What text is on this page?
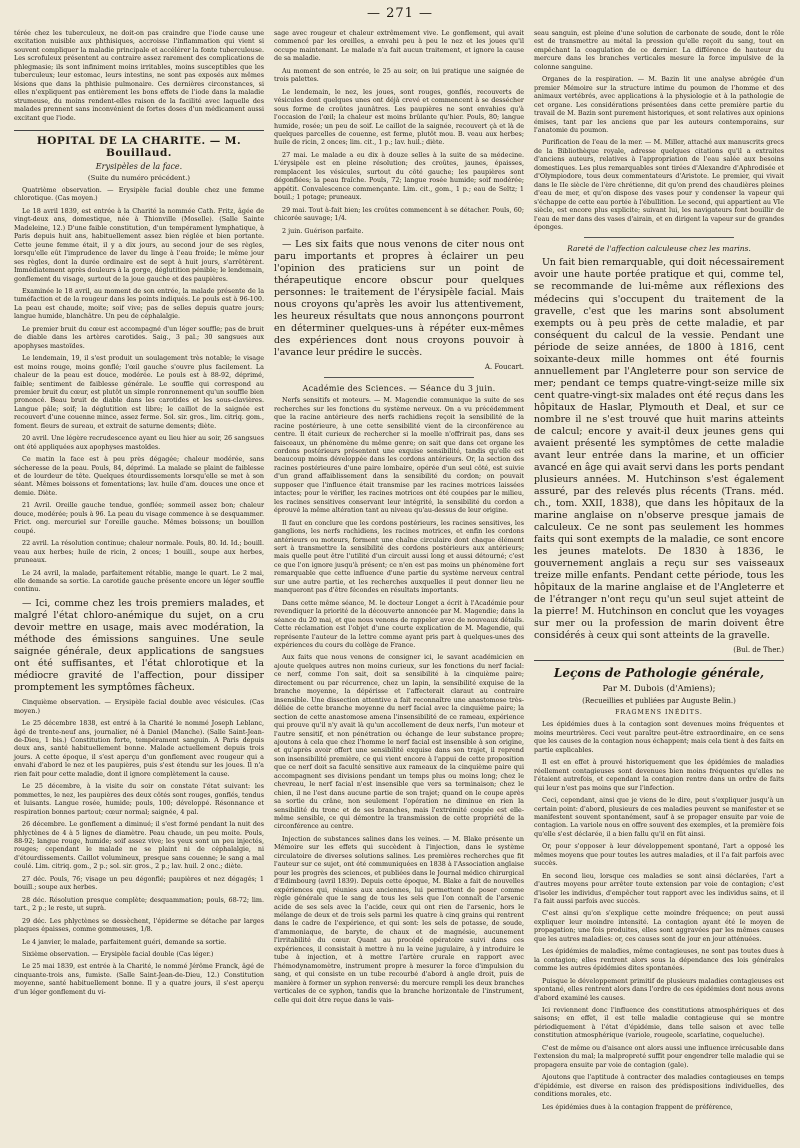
— 271 —

térée chez les tuberculeux, ne doit-on pas craindre que l'iode cause une excitation nuisible aux phthisiques, accroisse l'inflammation qui vient si souvent compliquer la maladie principale et accélérer la fonte tuberculeuse. Les scrofuleux présentent au contraire assez rarement des complications de phlegmasie; ils sont infiniment moins irritables, moins susceptibles que les tuberculeux; leur estomac, leurs intestins, ne sont pas exposés aux mêmes lésions que dans la phthisie pulmonaire. Ces dernières circonstances, si elles n'expliquent pas entièrement les bons effets de l'iode dans la maladie strumeuse, du moins rendent-elles raison de la facilité avec laquelle des malades prennent sans inconvénient de fortes doses d'un médicament aussi excitant que l'iode.

HOPITAL DE LA CHARITE. — M. Bouillaud.
Erysipèles de la face.
(Suite du numéro précédent.)

Quatrième observation. — Erysipèle facial double chez une femme chlorotique. (Cas moyen.)

Le 18 avril 1839, est entrée à la Charité la nommée Cath. Fritz, âgée de vingt-deux ans, domestique, née à Thionville (Moselle). (Salle Sainte Madeleine, 12.) D'une faible constitution, d'un tempérament lymphatique, à Paris depuis huit ans, habituellement assez bien réglée et bien portante. Cette jeune femme était, il y a dix jours, au second jour de ses règles, lorsqu'elle eût l'imprudence de laver du linge à l'eau froide; le même jour ses règles, dont la durée ordinaire est de sept à huit jours, s'arrêtèrent. Immédiatement après douleurs à la gorge, déglutition pénible; le lendemain, gonflement du visage, surtout de la joue gauche et des paupières.

Examinée le 18 avril, au moment de son entrée, la malade présente de la tuméfaction et de la rougeur dans les points indiqués. Le pouls est à 96-100. La peau est chaude, moite; soif vive; pas de selles depuis quatre jours; langue humide, blanchâtre. Un peu de céphalalgie.

Le premier bruit du cœur est accompagné d'un léger souffle; pas de bruit de diable dans les artères carotides. Saig., 3 pal.; 30 sangsues aux apophyses mastoïdes.

Le lendemain, 19, il s'est produit un soulagement très notable; le visage est moins rouge, moins gonflé; l'œil gauche s'ouvre plus facilement. La chaleur de la peau est douce, modérée. Le pouls est à 88-92, déprimé, faible; sentiment de faiblesse générale. Le souffle qui correspond au premier bruit du cœur, est plutôt un simple ronronnement qu'un souffle bien prononcé. Beau bruit de diable dans les carotides et les sous-clavières. Langue pâle; soif; la déglutition est libre; le caillot de la saignée est recouvert d'une couenne mince, assez ferme. Sol. sir. gros., lim. citriq. gom., foment. fleurs de sureau, et extrait de saturne dements; diète.

20 avril. Une légère recrudescence ayant eu lieu hier au soir, 26 sangsues ont été appliquées aux apophyses mastoïdes.

Ce matin la face est à peu près dégagée; chaleur modérée, sans sécheresse de la peau. Pouls, 84, déprimé. La malade se plaint de faiblesse et de lourdeur de tête. Quelques étourdissements lorsqu'elle se met à son séant. Mêmes boissons et fomentations; lav. huile d'am. douces une once et demie. Diète.

21 Avril. Oreille gauche tendue, gonflée; sommeil assez bon; chaleur douce, modérée; pouls à 96. La peau du visage commence à se desquammer. Frict. ong. mercuriel sur l'oreille gauche. Mêmes boissons; un bouillon coupé.

22 avril. La résolution continue; chaleur normale. Pouls, 80. Id. Id.; bouill. veau aux herbes; huile de ricin, 2 onces; 1 bouill., soupe aux herbes, pruneaux.

Le 24 avril, la malade, parfaitement rétablie, mange le quart. Le 2 mai, elle demande sa sortie. La carotide gauche présente encore un léger souffle continu.

— Ici, comme chez les trois premiers malades, et malgré l'état chloro-anémique du sujet, on a cru devoir mettre en usage, mais avec modération, la méthode des émissions sanguines. Une seule saignée générale, deux applications de sangsues ont été suffisantes, et l'état chlorotique et la médiocre gravité de l'affection, pour dissiper promptement les symptômes fâcheux.

Cinquième observation. — Erysipèle facial double avec vésicules. (Cas moyen.)

Le 25 décembre 1838, est entré à la Charité le nommé Joseph Leblanc, âgé de trente-neuf ans, journalier, né à Daniel (Manche). (Salle Saint-Jean-de-Dieu, 1 bis.) Constitution forte, tempérament sanguin. A Paris depuis deux ans, santé habituellement bonne. Malade actuellement depuis trois jours. A cette époque, il s'est aperçu d'un gonflement avec rougeur qui a envahi d'abord le nez et les paupières, puis s'est étendu sur les joues. Il n'a rien fait pour cette maladie, dont il ignore complètement la cause.

Le 25 décembre, à la visite du soir on constate l'état suivant: les pommettes, le nez, les paupières des deux côtés sont rouges, gonflés, tendus et luisants. Langue rosée, humide; pouls, 100; développé. Résonnance et respiration bonnes partout; cœur normal; saignée, 4 pal.

26 décembre. Le gonflement a diminué; il s'est formé pendant la nuit des phlyctènes de 4 à 5 lignes de diamètre. Peau chaude, un peu moite. Pouls, 88-92; langue rouge, humide; soif assez vive; les yeux sont un peu injectés, rouges; cependant le malade ne se plaint ni de céphalalgie, ni d'étourdissements. Caillot volumineux, presque sans couenne; le sang a mal coulé. Lim. citriq. gom., 2 p.; sol. sir. gros., 2 p.; lav. huil. 2 onc.; diète.

27 déc. Pouls, 76; visage un peu dégonflé; paupières et nez dégagés; 1 bouill.; soupe aux herbes.

28 déc. Résolution presque complète; desquammation; pouls, 68-72; lim. tart., 2 p.; le reste, ut suprà.

29 déc. Les phlyctènes se dessèchent, l'épiderme se détache par larges plaques épaisses, comme gommeuses, 1/8.

Le 4 janvier, le malade, parfaitement guéri, demande sa sortie.

Sixième observation. — Erysipèle facial double (Cas léger.)

Le 25 mai 1839, est entrée à la Charité, le nommé Jérôme Franck, âgé de cinquante-trois ans, fumiste. (Salle Saint-Jean-de-Dieu, 12.) Constitution moyenne, santé habituellement bonne. Il y a quatre jours, il s'est aperçu d'un léger gonflement du vi-

sage avec rougeur et chaleur extrêmement vive. Le gonflement, qui avait commencé par les oreilles, a envahi peu à peu le nez et les joues qu'il occupe maintenant. Le malade n'a fait aucun traitement, et ignore la cause de sa maladie.

Au moment de son entrée, le 25 au soir, on lui pratique une saignée de trois palettes.

Le lendemain, le nez, les joues, sont rouges, gonflés, recouverts de vésicules dont quelques unes ont déjà crevé et commencent à se dessécher sous forme de croûtes jaunâtres. Les paupières ne sont envahies qu'à l'occasion de l'œil; la chaleur est moins brûlante qu'hier. Pouls, 80; langue humide, rosée; un peu de soif. Le caillot de la saignée, recouvert çà et là de quelques parcelles de couenne, est ferme, plutôt mou. B. veau aux herbes; huile de ricin, 2 onces; lim. cit., 1 p.; lav. huil.; diète.

27 mai. Le malade a eu dix à douze selles à la suite de sa médecine. L'érysipèle est en pleine résolution; des croûtes, jaunes, épaisses, remplacent les vésicules, surtout du côté gauche; les paupières sont dégonflées; la peau fraîche. Pouls, 72; langue rosée humide; soif modérée; appétit. Convalescence commençante. Lim. cit., gom., 1 p.; eau de Seltz; 1 bouil.; 1 potage; pruneaux.

29 mai. Tout à-fait bien; les croûtes commencent à se détacher. Pouls, 60; chicorée sauvage; 1/4.

2 juin. Guérison parfaite.

— Les six faits que nous venons de citer nous ont paru importants et propres à éclairer un peu l'opinion des praticiens sur un point de thérapeutique encore obscur pour quelques personnes: le traitement de l'érysipèle facial. Mais nous croyons qu'après les avoir lus attentivement, les heureux résultats que nous annonçons pourront en déterminer quelques-uns à répéter eux-mêmes des expériences dont nous croyons pouvoir à l'avance leur prédire le succès.

A. Foucart.
Académie des Sciences. — Séance du 3 juin.

Nerfs sensitifs et moteurs. — M. Magendie communique la suite de ses recherches sur les fonctions du système nerveux. On a vu précédemment que la racine antérieure des nerfs rachidiens reçoit la sensibilité de la racine postérieure, à une cette sensibilité vient de la circonférence au centre. Il était curieux de rechercher si la moelle n'offrirait pas, dans ses faisceaux, un phénomène du même genre; on sait que dans cet organe les cordons postérieurs présentent une exquise sensibilité, tandis qu'elle est beaucoup moins développée dans les cordons antérieurs. Or, la section des racines postérieures d'une paire lombaire, opérée d'un seul côté, est suivie d'un grand affaiblissement dans la sensibilité du cordon; on pouvait supposer que l'influence était transmise par les racines motrices laissées intactes; pour le vérifier, les racines motrices ont été coupées par le milieu, les racines sensitives conservant leur intégrité, la sensibilité du cordon a éprouvé la même altération tant au niveau qu'au-dessus de leur origine.

Il faut en conclure que les cordons postérieurs, les racines sensitives, les ganglions, les nerfs rachidiens, les racines motrices, et enfin les cordons antérieurs ou moteurs, forment une chaîne circulaire dont chaque élément sert à transmettre la sensibilité des cordons postérieurs aux antérieurs; mais quelle peut être l'utilité d'un circuit aussi long et aussi détourné; c'est ce que l'on ignore jusqu'à présent; ce n'en est pas moins un phénomène fort remarquable que cette influence d'une partie du système nerveux central sur une autre partie, et les recherches auxquelles il peut donner lieu ne manqueront pas d'être fécondes en résultats importants.

Dans cette même séance, M. le docteur Longet a écrit à l'Académie pour revendiquer la priorité de la découverte annoncée par M. Magendie; dans la séance du 20 mai, et que nous venons de rappeler avec de nouveaux détails. Cette réclamation est l'objet d'une courte explication de M. Magendie, qui représente l'auteur de la lettre comme ayant pris part à quelques-unes des expériences du cours du collège de France.

Aux faits que nous venons de consigner ici, le savant académicien en ajoute quelques autres non moins curieux, sur les fonctions du nerf facial: ce nerf, comme l'on sait, doit sa sensibilité à la cinquième paire; directement ou par récurrence, chez un lapin, la sensibilité exquise de la branche moyenne, la dépérisse et l'affecterait claraut au contraire insensible. Une dissection attentive a fait reconnaître une anastomose très-déliée de cette branche moyenne du nerf facial avec la cinquième paire; la section de cette anastomose amena l'insensibilité de ce rameau, expérience qui prouve qu'il n'y avait là qu'un accollement de deux nerfs, l'un moteur et l'autre sensitif, et non pénétration ou échange de leur substance propre; ajoutons à cela que chez l'homme le nerf facial est insensible à son origine, et qu'après avoir offert une sensibilité exquise dans son trajet, il reprend son insensibilité première, ce qui vient encore à l'appui de cette proposition que ce nerf doit sa faculté sensitive aux rameaux de la cinquième paire qui accompagnent ses divisions pendant un temps plus ou moins long; chez le chevreau, le nerf facial n'est insensible que vers sa terminaison; chez le chien, il ne l'est dans aucune partie de son trajet; quand on le coupe après sa sortie du crâne, non seulement l'opération ne diminue en rien la sensibilité du tronc et de ses branches, mais l'extrémité coupée est elle-même sensible, ce qui démontre la transmission de cette propriété de la circonférence au centre.

Injection de substances salines dans les veines. — M. Blake présente un Mémoire sur les effets qui succèdent à l'injection, dans le système circulatoire de diverses solutions salines. Les premières recherches que fit l'auteur sur ce sujet, ont été communiquées en 1838 à l'Association anglaise pour les progrès des sciences, et publiées dans le Journal médico chirurgical d'Edimbourg (avril 1839). Depuis cette époque, M. Blake a fait de nouvelles expériences qui, réunies aux anciennes, lui permettent de poser comme règle générale que le sang de tous les sels que l'on connaît de l'arsenic acide de ses sels avec la l'acide, ceux qui ont rien de l'arsenic, hors le mélange de deux et de trois sels parmi les quatre à cinq grains qui rentrent dans le cadre de l'expérience, et qui sont: les sels de potasse, de soude, d'ammoniaque, de baryte, de chaux et de magnésie, aucunement l'irritabilité du cœur. Quant au procédé opératoire suivi dans ces expériences, il consistait à mettre à nu la veine jugulaire, à y introduire le tube à injection, et à mettre l'artère crurale en rapport avec l'hémodynamomètre, instrument propre à mesurer la force d'impulsion du sang, et qui consiste en un tube recourbé d'abord à angle droit, puis de manière à former un syphon renversé: du mercure rempli les deux branches verticales de ce syphon, tandis que la branche horizontale de l'instrument, celle qui doit être reçue dans le vais-

seau sanguin, est pleine d'une solution de carbonate de soude, dont le rôle est de transmettre au métal la pression qu'elle reçoit du sang, tout en empêchant la coagulation de ce dernier. La différence de hauteur du mercure dans les branches verticales mesure la force impulsive de la colonne sanguine.

Organes de la respiration. — M. Bazin lit une analyse abrégée d'un premier Mémoire sur la structure intime du poumon de l'homme et des animaux vertébrés, avec applications à la physiologie et à la pathologie de cet organe. Les considérations présentées dans cette première partie du travail de M. Bazin sont purement historiques, et sont relatives aux opinions émises, tant par les anciens que par les auteurs contemporains, sur l'anatomie du poumon.

Purification de l'eau de la mer. — M. Miller, attaché aux manuscrits grecs de la Bibliothèque royale, adresse quelques citations qu'il a extraites d'anciens auteurs, relatives à l'appropriation de l'eau salée aux besoins domestiques. Les plus remarquables sont tirées d'Alexandre d'Aphrodisée et d'Olympiodore, tous deux commentateurs d'Aristote. Le premier, qui vivait dans le IIe siècle de l'ère chrétienne, dit qu'on prend des chaudières pleines d'eau de mer, et qu'on dispose des vases pour y condenser la vapeur qui s'échappe de cette eau portée à l'ébullition. Le second, qui appartient au VIe siècle, est encore plus explicite; suivant lui, les navigateurs font bouillir de l'eau de mer dans des vases d'airain, et en dirigent la vapeur sur de grandes éponges.

Rareté de l'affection calculeuse chez les marins.

Un fait bien remarquable, qui doit nécessairement avoir une haute portée pratique et qui, comme tel, se recommande de lui-même aux réflexions des médecins qui s'occupent du traitement de la gravelle, c'est que les marins sont absolument exempts ou à peu près de cette maladie, et par conséquent du calcul de la vessie. Pendant une période de seize années, de 1800 à 1816, cent soixante-deux mille hommes ont été fournis annuellement par l'Angleterre pour son service de mer; pendant ce temps quatre-vingt-seize mille six cent quatre-vingt-six malades ont été reçus dans les hôpitaux de Haslar, Plymouth et Deal, et sur ce nombre il ne s'est trouvé que huit marins atteints de calcul; encore y avait-il deux jeunes gens qui avaient présenté les symptômes de cette maladie avant leur entrée dans la marine, et un officier avancé en âge qui avait servi dans les ports pendant plusieurs années. M. Hutchinson s'est également assuré, par des relevés plus récents (Trans. méd. ch., tom. XXII, 1838), que dans les hôpitaux de la marine anglaise on n'observe presque jamais de calculeux. Ce ne sont pas seulement les hommes faits qui sont exempts de la maladie, ce sont encore les jeunes matelots. De 1830 à 1836, le gouvernement anglais a reçu sur ses vaisseaux treize mille enfants. Pendant cette période, tous les hôpitaux de la marine anglaise et de l'Angleterre et de l'étranger n'ont reçu qu'un seul sujet atteint de la pierre! M. Hutchinson en conclut que les voyages sur mer ou la profession de marin doivent être considérés à ceux qui sont atteints de la gravelle.

(Bul. de Ther.)
Leçons de Pathologie générale,
Par M. Dubois (d'Amiens);
(Recueillies et publiées par Auguste Belin.)
FRAGMENS INÉDITS.

Les épidémies dues à la contagion sont devenues moins fréquentes et moins meurtrières. Ceci veut paraître peut-être extraordinaire, en ce sens que les causes de la contagion nous échappent; mais cela tient à des faits en partie explicables.

Il est en effet à prouvé historiquement que les épidémies de maladies réellement contagieuses sont devenues bien moins fréquentes qu'elles ne l'étaient autrefois, et cependant la contagion rentre dans un ordre de faits qui leur n'est pas moins que sur l'infection.

Ceci, cependant, ainsi que je viens de le dire, peut s'expliquer jusqu'à un certain point: d'abord, plusieurs de ces maladies peuvent se manifester et se manifestent souvent spontanément, sauf à se propager ensuite par voie de contagion. La variole nous en offre souvent des exemples, et la première fois qu'elle s'est déclarée, il a bien fallu qu'il en fût ainsi.

Or, pour s'opposer à leur développement spontané, l'art a opposé les mêmes moyens que pour toutes les autres maladies, et il l'a fait parfois avec succès.

En second lieu, lorsque ces maladies se sont ainsi déclarées, l'art a d'autres moyens pour arrêter toute extension par voie de contagion; c'est d'isoler les individus, d'empêcher tout rapport avec les individus sains, et il l'a fait aussi parfois avec succès.

C'est ainsi qu'on s'explique cette moindre fréquence; on peut aussi expliquer leur moindre intensité. La contagion ayant été le moyen de propagation; une fois produites, elles sont aggravées par les mêmes causes que les autres maladies: or, ces causes sont de jour en jour atténuées.

Les épidémies de maladies, même contagieuses, ne sont pas toutes dues à la contagion; elles rentrent alors sous la dépendance des lois générales comme les autres épidémies dites spontanées.

Puisque le développement primitif de plusieurs maladies contagieuses est spontané, elles rentrent alors dans l'ordre de ces épidémies dont nous avons d'abord examiné les causes.

Ici reviennent donc l'influence des constitutions atmosphériques et des saisons; en effet, il est telle maladie contagieuse qui se montre périodiquement à l'état d'épidémie, dans telle saison et avec telle constitution atmosphérique (variole, rougeole, scarlatine, coqueluche).

C'est de même ou d'aisance ont alors aussi une influence irrécusable dans l'extension du mal; la malpropreté suffit pour engendrer telle maladie qui se propagera ensuite par voie de contagion (gale).

Ajoutons que l'aptitude à contracter des maladies contagieuses en temps d'épidémie, est diverse en raison des prédispositions individuelles, des conditions morales, etc.

Les épidémies dues à la contagion frappent de préférence,
